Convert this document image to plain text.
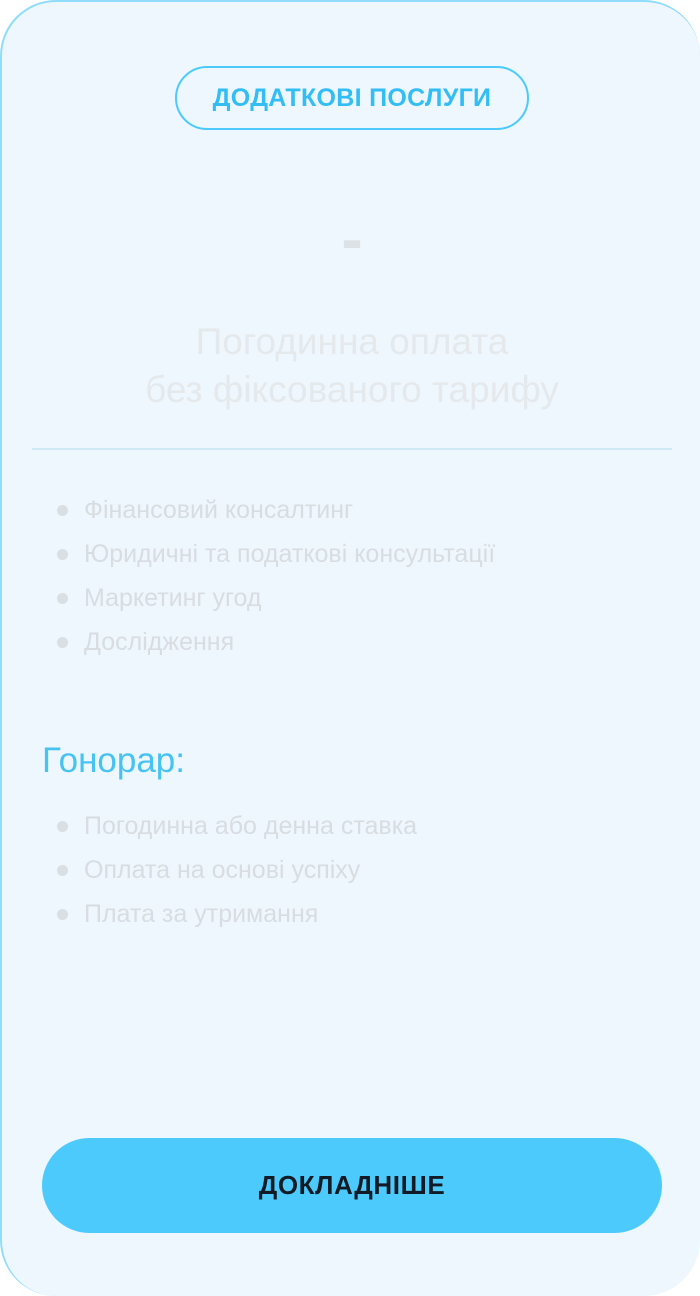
ДОДАТКОВІ ПОСЛУГИ
-
Погодинна оплата
без фіксованого тарифу
Фінансовий консалтинг
Юридичні та податкові консультації
Маркетинг угод
Дослідження
Гонорар:
Погодинна або денна ставка
Оплата на основі успіху
Плата за утримання
ДОКЛАДНІШЕ
